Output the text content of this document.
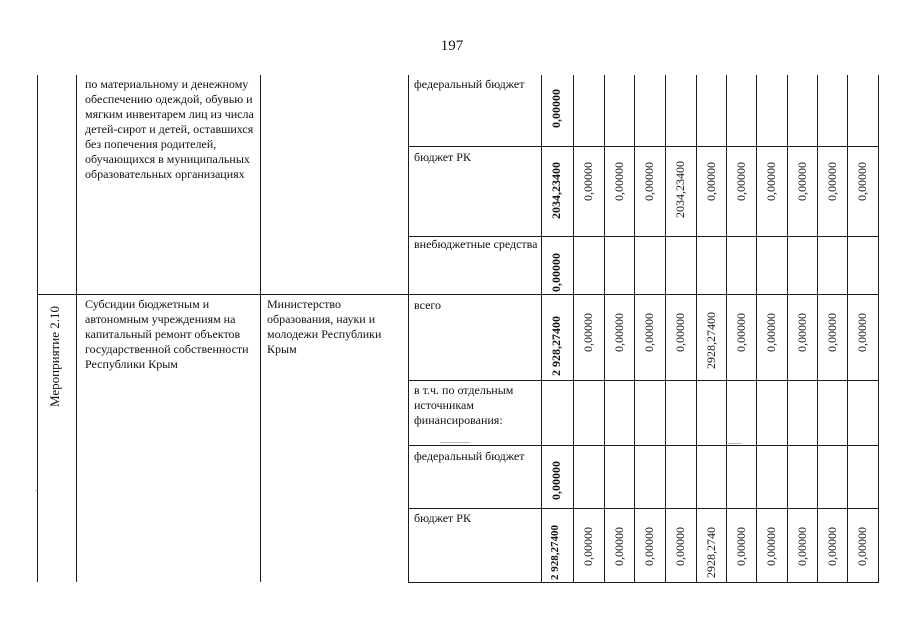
197
по материальному и денежному обеспечению одеждой, обувью и мягким инвентарем лиц из числа детей-сирот и детей, оставшихся без попечения родителей, обучающихся в муниципальных образовательных организациях
федеральный бюджет
бюджет РК
внебюджетные средства
0,00000
2034,23400
0,00000
0,00000 0,00000 0,00000 2034,23400 0,00000 0,00000 0,00000 0,00000 0,00000 0,00000
Мероприятие 2.10
Субсидии бюджетным и автономным учреждениям на капитальный ремонт объектов государственной собственности Республики Крым
Министерство образования, науки и молодежи Республики Крым
всего
в т.ч. по отдельным источникам финансирования:
федеральный бюджет
бюджет РК
2 928,27400
0,00000
2 928,27400
0,00000 0,00000 0,00000 0,00000 2928,27400 0,00000 0,00000 0,00000 0,00000 0,00000
0,00000 0,00000 0,00000 0,00000 2928,2740 0,00000 0,00000 0,00000 0,00000 0,00000
